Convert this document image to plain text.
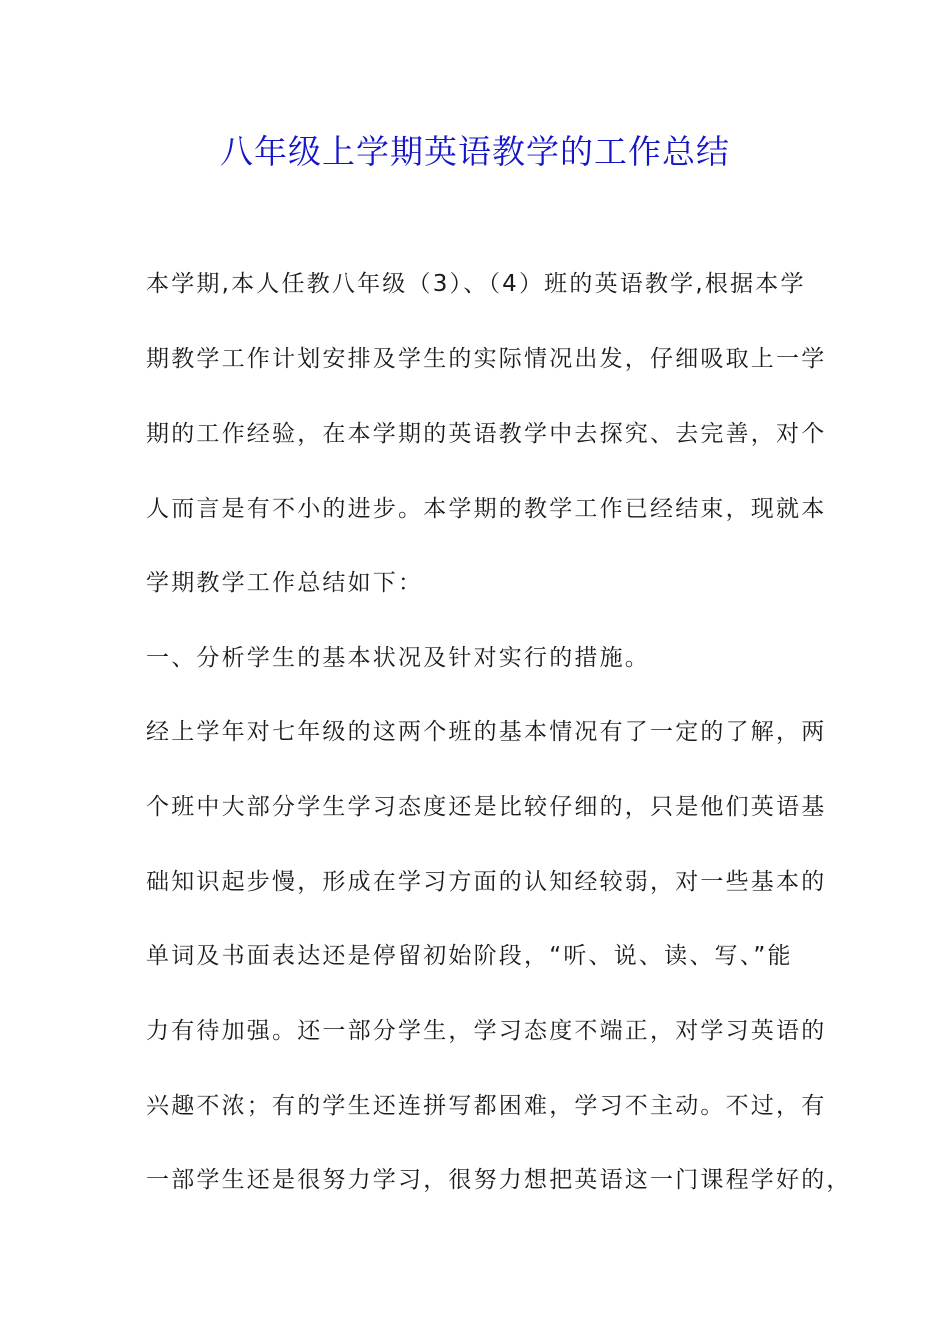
八年级上学期英语教学的工作总结
本学期,本人任教八年级（3）、（4）班的英语教学,根据本学
期教学工作计划安排及学生的实际情况出发，仔细吸取上一学
期的工作经验，在本学期的英语教学中去探究、去完善，对个
人而言是有不小的进步。本学期的教学工作已经结束，现就本
学期教学工作总结如下：
一、分析学生的基本状况及针对实行的措施。
经上学年对七年级的这两个班的基本情况有了一定的了解，两
个班中大部分学生学习态度还是比较仔细的，只是他们英语基
础知识起步慢，形成在学习方面的认知经较弱，对一些基本的
单词及书面表达还是停留初始阶段，“听、说、读、写、”能
力有待加强。还一部分学生，学习态度不端正，对学习英语的
兴趣不浓；有的学生还连拼写都困难，学习不主动。不过，有
一部学生还是很努力学习，很努力想把英语这一门课程学好的，
